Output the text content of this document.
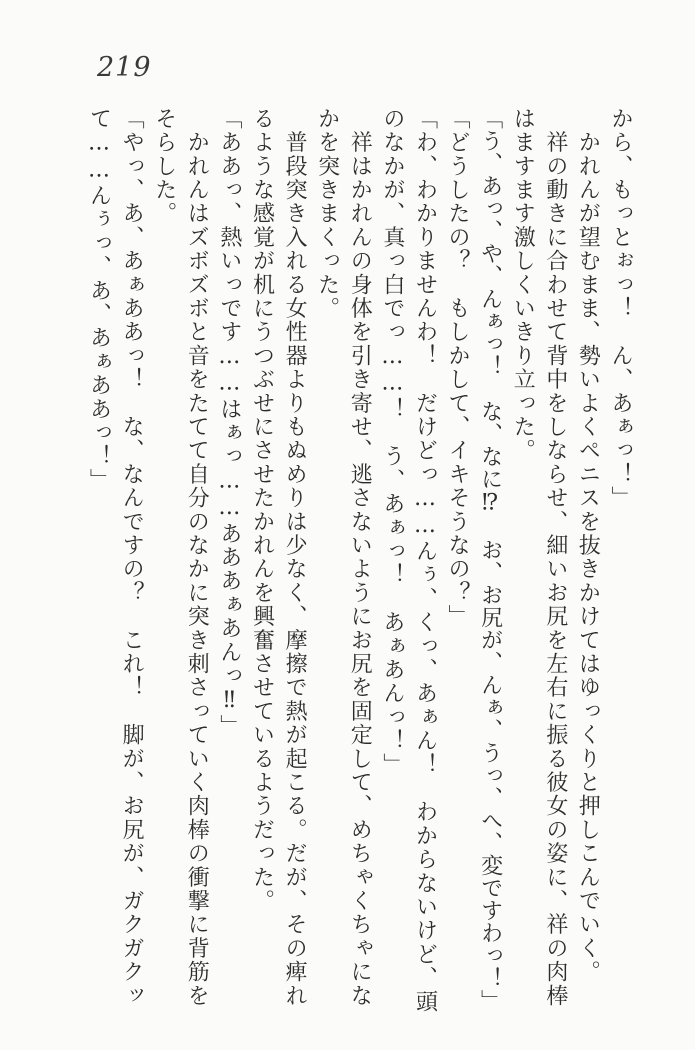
219

から、もっとぉっ！　ん、あぁっ！」

　かれんが望むまま、勢いよくペニスを抜きかけてはゆっくりと押しこんでいく。

　祥の動きに合わせて背中をしならせ、細いお尻を左右に振る彼女の姿に、祥の肉棒

はますます激しくいきり立った。

「う、あっ、や、んぁっ！　な、なに⁉　お、お尻が、んぁ、うっ、へ、変ですわっ！」

「どうしたの？　もしかして、イキそうなの？」

「わ、わかりませんわ！　だけどっ……んぅ、くっ、あぁん！　わからないけど、頭

のなかが、真っ白でっ……！　う、あぁっ！　あぁあんっ！」

　祥はかれんの身体を引き寄せ、逃さないようにお尻を固定して、めちゃくちゃにな

かを突きまくった。

　普段突き入れる女性器よりもぬめりは少なく、摩擦で熱が起こる。だが、その痺れ

るような感覚が机にうつぶせにさせたかれんを興奮させているようだった。

「ああっ、熱いっです……はぁっ……あああぁあんっ‼」

　かれんはズボズボと音をたてて自分のなかに突き刺さっていく肉棒の衝撃に背筋を

そらした。

「やっ、あ、あぁああっ！　な、なんですの？　これ！　脚が、お尻が、ガクガクッ

て……んぅっ、あ、あぁああっ！」
